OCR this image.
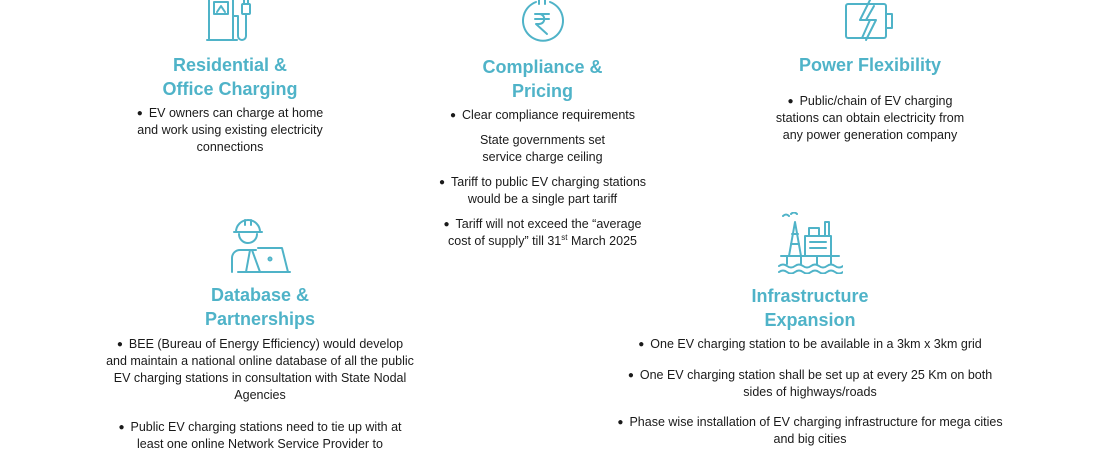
Residential &
Office Charging
● EV owners can charge at home and work using existing electricity connections
Compliance &
Pricing
● Clear compliance requirements
State governments set service charge ceiling
● Tariff to public EV charging stations would be a single part tariff
● Tariff will not exceed the “average cost of supply” till 31st March 2025
Power Flexibility
● Public/chain of EV charging stations can obtain electricity from any power generation company
Database &
Partnerships
● BEE (Bureau of Energy Efficiency) would develop and maintain a national online database of all the public EV charging stations in consultation with State Nodal Agencies
● Public EV charging stations need to tie up with at least one online Network Service Provider to
Infrastructure
Expansion
● One EV charging station to be available in a 3km x 3km grid
● One EV charging station shall be set up at every 25 Km on both sides of highways/roads
● Phase wise installation of EV charging infrastructure for mega cities and big cities
